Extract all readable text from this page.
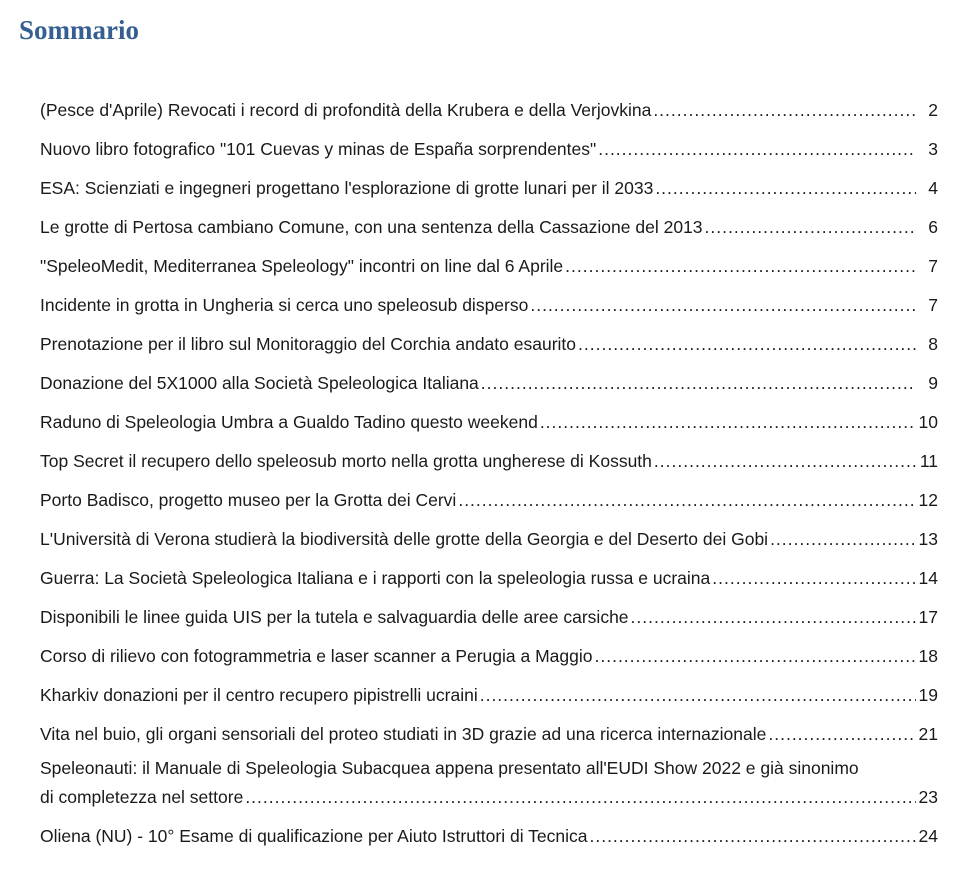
Sommario
(Pesce d'Aprile) Revocati i record di profondità della Krubera e della Verjovkina .....	2
Nuovo libro fotografico "101 Cuevas y minas de España sorprendentes" .....	3
ESA: Scienziati e ingegneri progettano l'esplorazione di grotte lunari per il 2033 .....	4
Le grotte di Pertosa cambiano Comune, con una sentenza della Cassazione del 2013 .....	6
"SpeleoMedit, Mediterranea Speleology" incontri on line dal 6 Aprile .....	7
Incidente in grotta in Ungheria si cerca uno speleosub disperso .....	7
Prenotazione per il libro sul Monitoraggio del Corchia andato esaurito .....	8
Donazione del 5X1000 alla Società Speleologica Italiana .....	9
Raduno di Speleologia Umbra a Gualdo Tadino questo weekend .....	10
Top Secret il recupero dello speleosub morto nella grotta ungherese di Kossuth .....	11
Porto Badisco, progetto museo per la Grotta dei Cervi .....	12
L'Università di Verona studierà la biodiversità delle grotte della Georgia e del Deserto dei Gobi .....	13
Guerra: La Società Speleologica Italiana e i rapporti con la speleologia russa e ucraina .....	14
Disponibili le linee guida UIS per la tutela e salvaguardia delle aree carsiche .....	17
Corso di rilievo con fotogrammetria e laser scanner a Perugia a Maggio .....	18
Kharkiv donazioni per il centro recupero pipistrelli ucraini .....	19
Vita nel buio, gli organi sensoriali del proteo studiati in 3D grazie ad una ricerca internazionale .....	21
Speleonauti: il Manuale di Speleologia Subacquea appena presentato all'EUDI Show 2022 e già sinonimo
di completezza nel settore .....	23
Oliena (NU) - 10° Esame di qualificazione per Aiuto Istruttori di Tecnica .....	24
